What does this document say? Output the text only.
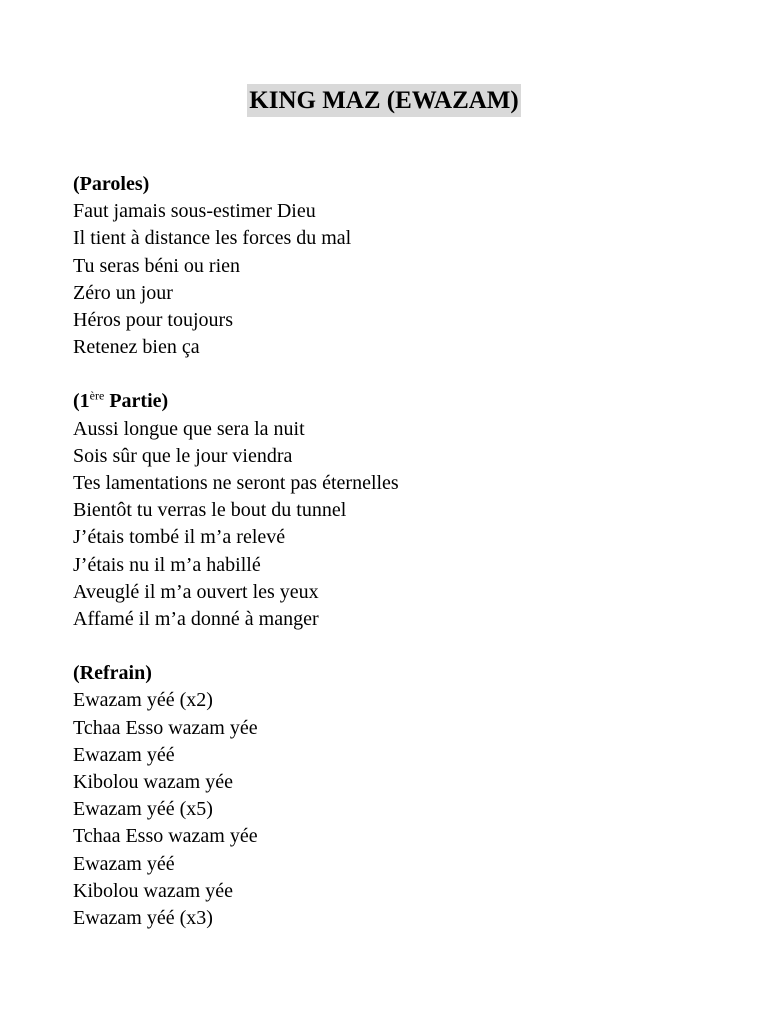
KING MAZ (EWAZAM)
(Paroles)
Faut jamais sous-estimer Dieu
Il tient à distance les forces du mal
Tu seras béni ou rien
Zéro un jour
Héros pour toujours
Retenez bien ça
(1ère Partie)
Aussi longue que sera la nuit
Sois sûr que le jour viendra
Tes lamentations ne seront pas éternelles
Bientôt tu verras le bout du tunnel
J’étais tombé il m’a relevé
J’étais nu il m’a habillé
Aveuglé il m’a ouvert les yeux
Affamé il m’a donné à manger
(Refrain)
Ewazam yéé (x2)
Tchaa Esso wazam yée
Ewazam yéé
Kibolou wazam yée
Ewazam yéé (x5)
Tchaa Esso wazam yée
Ewazam yéé
Kibolou wazam yée
Ewazam yéé (x3)
